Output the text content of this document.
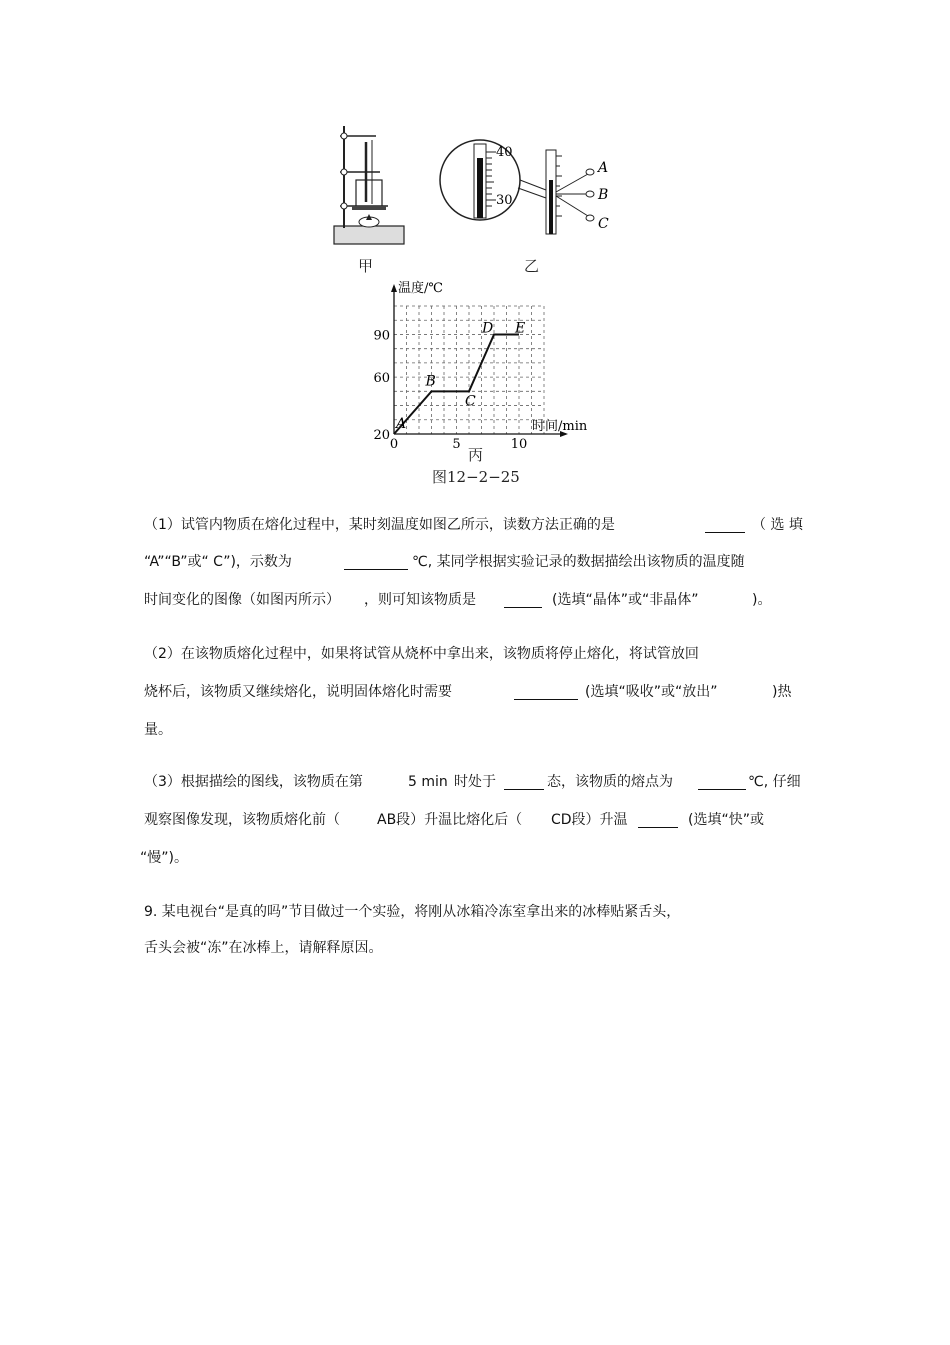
40
30
A
B
C
甲	乙
温度/℃
时间/min
0	5	10
20
60
90
A
B
C
D E
丙
图12−2−25
（1）试管内物质在熔化过程中，某时刻温度如图乙所示，读数方法正确的是	（ 选 填
“A”“B”或“ C”)，示数为	℃, 某同学根据实验记录的数据描绘出该物质的温度随
时间变化的图像（如图丙所示） ，则可知该物质是	(选填“晶体”或“非晶体”	)。
（2）在该物质熔化过程中，如果将试管从烧杯中拿出来，该物质将停止熔化，将试管放回
烧杯后，该物质又继续熔化，说明固体熔化时需要	(选填“吸收”或“放出”	)热
量。
（3）根据描绘的图线，该物质在第	5 min 时处于	态，该物质的熔点为	℃, 仔细
观察图像发现，该物质熔化前（	AB段）升温比熔化后（ CD段）升温	(选填“快”或
“慢”)。
9. 某电视台“是真的吗”节目做过一个实验，将刚从冰箱冷冻室拿出来的冰棒贴紧舌头，
舌头会被“冻”在冰棒上，请解释原因。
